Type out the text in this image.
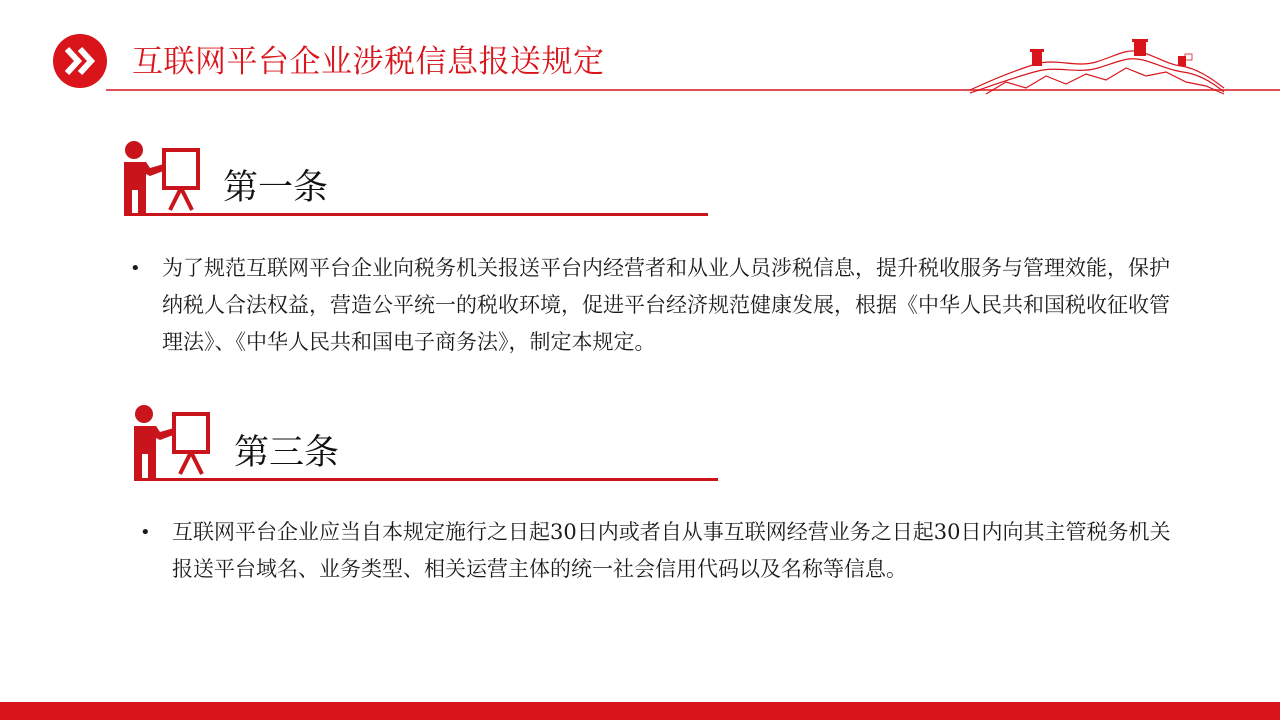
互联网平台企业涉税信息报送规定
第一条
• 为了规范互联网平台企业向税务机关报送平台内经营者和从业人员涉税信息，提升税收服务与管理效能，保护纳税人合法权益，营造公平统一的税收环境，促进平台经济规范健康发展，根据《中华人民共和国税收征收管理法》、《中华人民共和国电子商务法》，制定本规定。
第三条
• 互联网平台企业应当自本规定施行之日起30日内或者自从事互联网经营业务之日起30日内向其主管税务机关报送平台域名、业务类型、相关运营主体的统一社会信用代码以及名称等信息。
